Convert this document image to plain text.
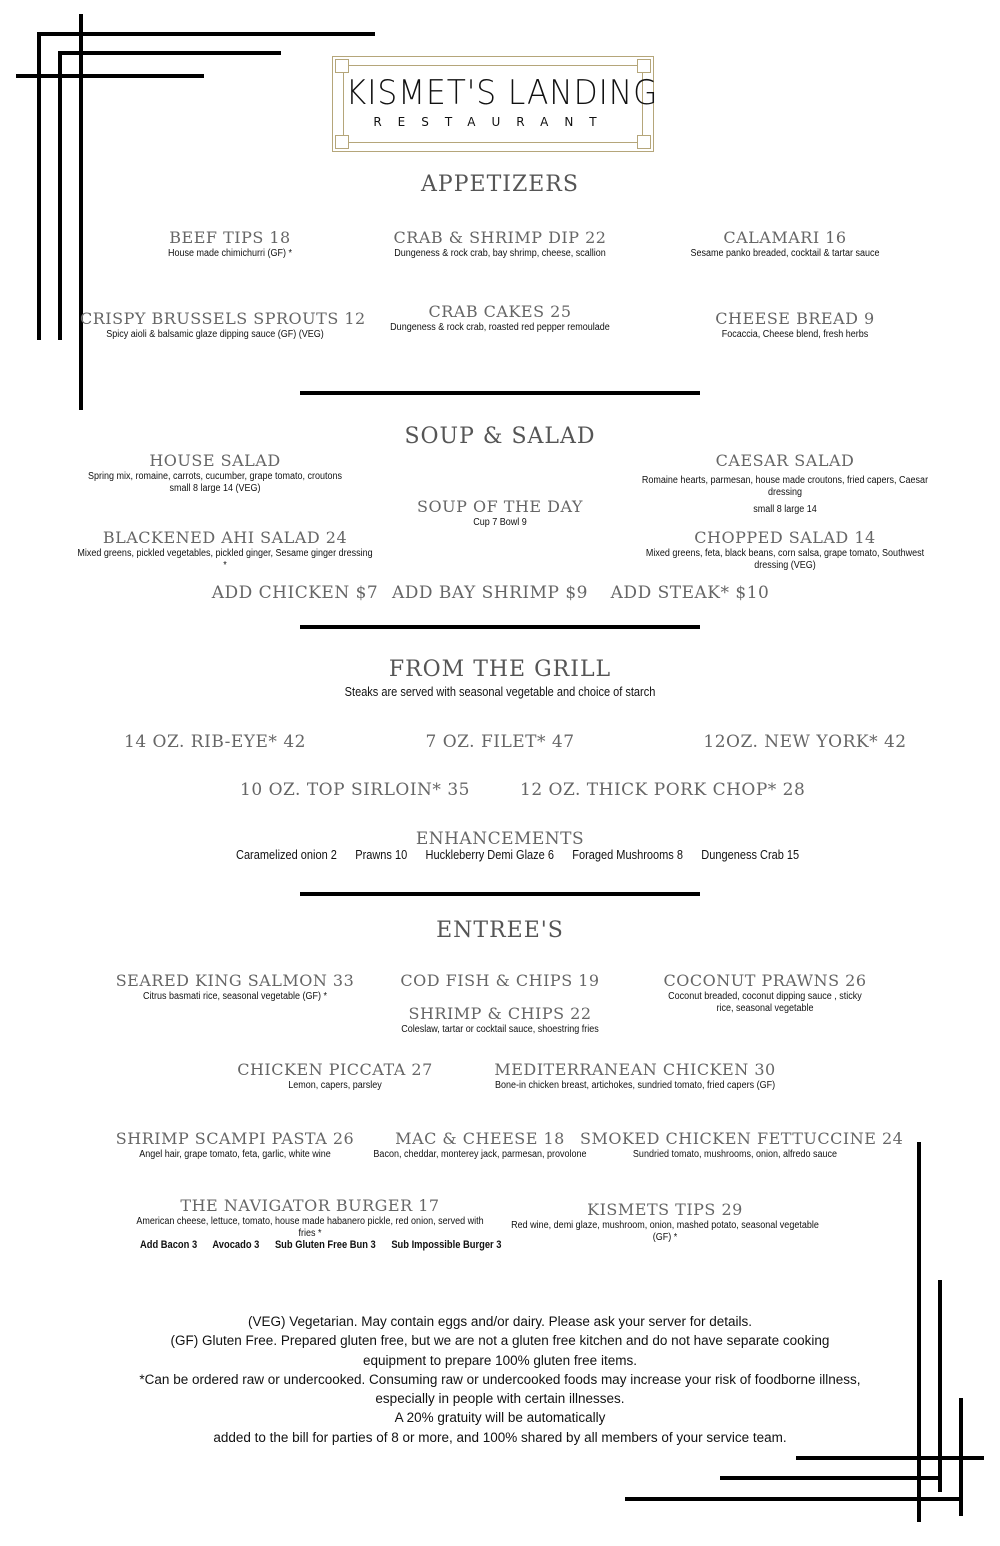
KISMET'S LANDING
RESTAURANT
APPETIZERS
BEEF TIPS 18
House made chimichurri (GF) *
CRAB & SHRIMP DIP 22
Dungeness & rock crab, bay shrimp, cheese, scallion
CALAMARI 16
Sesame panko breaded, cocktail & tartar sauce
CRISPY BRUSSELS SPROUTS 12
Spicy aioli & balsamic glaze dipping sauce (GF) (VEG)
CRAB CAKES 25
Dungeness & rock crab, roasted red pepper remoulade	CHEESE BREAD 9
Focaccia, Cheese blend, fresh herbs
SOUP & SALAD
HOUSE SALAD
Spring mix, romaine, carrots, cucumber, grape tomato, croutons
small 8 large 14 (VEG)
CAESAR SALAD
Romaine hearts, parmesan, house made croutons, fried capers, Caesar dressing
small 8 large 14
SOUP OF THE DAY
Cup 7 Bowl 9
BLACKENED AHI SALAD 24
Mixed greens, pickled vegetables, pickled ginger, Sesame ginger dressing *
CHOPPED SALAD 14
Mixed greens, feta, black beans, corn salsa, grape tomato, Southwest dressing (VEG)
ADD CHICKEN $7 ADD BAY SHRIMP $9	ADD STEAK* $10
FROM THE GRILL
Steaks are served with seasonal vegetable and choice of starch
14 OZ. RIB-EYE* 42	7 OZ. FILET* 47	12OZ. NEW YORK* 42
10 OZ. TOP SIRLOIN* 35	12 OZ. THICK PORK CHOP* 28
ENHANCEMENTS
Caramelized onion 2 Prawns 10 Huckleberry Demi Glaze 6 Foraged Mushrooms 8 Dungeness Crab 15
ENTREE'S
SEARED KING SALMON 33
Citrus basmati rice, seasonal vegetable (GF) *
COD FISH & CHIPS 19	COCONUT PRAWNS 26
Coconut breaded, coconut dipping sauce , sticky rice, seasonal vegetable
SHRIMP & CHIPS 22
Coleslaw, tartar or cocktail sauce, shoestring fries
CHICKEN PICCATA 27
Lemon, capers, parsley
MEDITERRANEAN CHICKEN 30
Bone-in chicken breast, artichokes, sundried tomato, fried capers (GF)
SHRIMP SCAMPI PASTA 26
Angel hair, grape tomato, feta, garlic, white wine
MAC & CHEESE 18
Bacon, cheddar, monterey jack, parmesan, provolone
SMOKED CHICKEN FETTUCCINE 24
Sundried tomato, mushrooms, onion, alfredo sauce
THE NAVIGATOR BURGER 17
American cheese, lettuce, tomato, house made habanero pickle, red onion, served with fries *
KISMETS TIPS 29
Red wine, demi glaze, mushroom, onion, mashed potato, seasonal vegetable (GF) *
Add Bacon 3 Avocado 3 Sub Gluten Free Bun 3 Sub Impossible Burger 3
(VEG) Vegetarian. May contain eggs and/or dairy. Please ask your server for details.
(GF) Gluten Free. Prepared gluten free, but we are not a gluten free kitchen and do not have separate cooking
equipment to prepare 100% gluten free items.
*Can be ordered raw or undercooked. Consuming raw or undercooked foods may increase your risk of foodborne illness,
especially in people with certain illnesses.
A 20% gratuity will be automatically
added to the bill for parties of 8 or more, and 100% shared by all members of your service team.
